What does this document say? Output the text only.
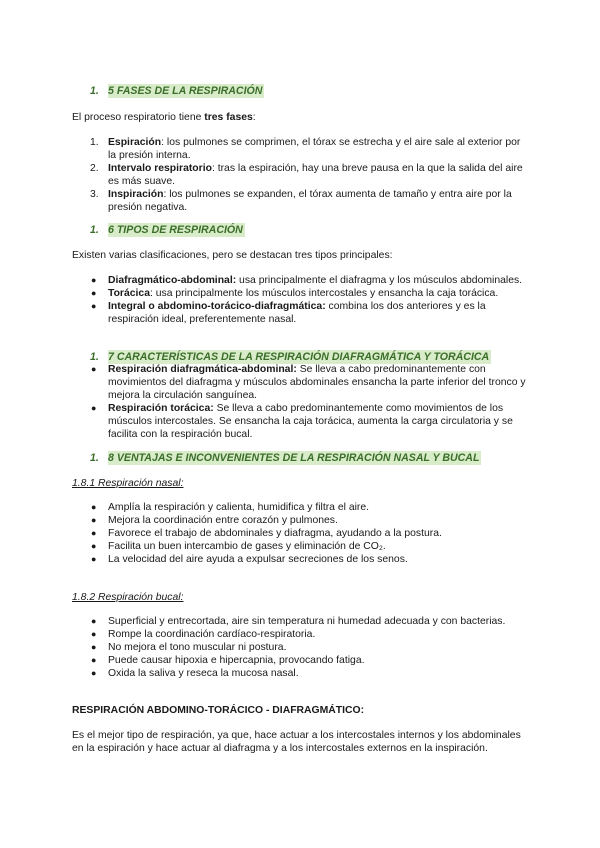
1. 5 FASES DE LA RESPIRACIÓN
El proceso respiratorio tiene tres fases:
1. Espiración: los pulmones se comprimen, el tórax se estrecha y el aire sale al exterior por la presión interna.
2. Intervalo respiratorio: tras la espiración, hay una breve pausa en la que la salida del aire es más suave.
3. Inspiración: los pulmones se expanden, el tórax aumenta de tamaño y entra aire por la presión negativa.
1. 6 TIPOS DE RESPIRACIÓN
Existen varias clasificaciones, pero se destacan tres tipos principales:
● Diafragmático-abdominal: usa principalmente el diafragma y los músculos abdominales.
● Torácica: usa principalmente los músculos intercostales y ensancha la caja torácica.
● Integral o abdomino-torácico-diafragmática: combina los dos anteriores y es la respiración ideal, preferentemente nasal.
1. 7 CARACTERÍSTICAS DE LA RESPIRACIÓN DIAFRAGMÁTICA Y TORÁCICA
● Respiración diafragmática-abdominal: Se lleva a cabo predominantemente con movimientos del diafragma y músculos abdominales ensancha la parte inferior del tronco y mejora la circulación sanguínea.
● Respiración torácica: Se lleva a cabo predominantemente como movimientos de los músculos intercostales. Se ensancha la caja torácica, aumenta la carga circulatoria y se facilita con la respiración bucal.
1. 8 VENTAJAS E INCONVENIENTES DE LA RESPIRACIÓN NASAL Y BUCAL
1.8.1 Respiración nasal:
● Amplía la respiración y calienta, humidifica y filtra el aire.
● Mejora la coordinación entre corazón y pulmones.
● Favorece el trabajo de abdominales y diafragma, ayudando a la postura.
● Facilita un buen intercambio de gases y eliminación de CO₂.
● La velocidad del aire ayuda a expulsar secreciones de los senos.
1.8.2 Respiración bucal:
● Superficial y entrecortada, aire sin temperatura ni humedad adecuada y con bacterias.
● Rompe la coordinación cardíaco-respiratoria.
● No mejora el tono muscular ni postura.
● Puede causar hipoxia e hipercapnia, provocando fatiga.
● Oxida la saliva y reseca la mucosa nasal.
RESPIRACIÓN ABDOMINO-TORÁCICO - DIAFRAGMÁTICO:
Es el mejor tipo de respiración, ya que, hace actuar a los intercostales internos y los abdominales en la espiración y hace actuar al diafragma y a los intercostales externos en la inspiración.
